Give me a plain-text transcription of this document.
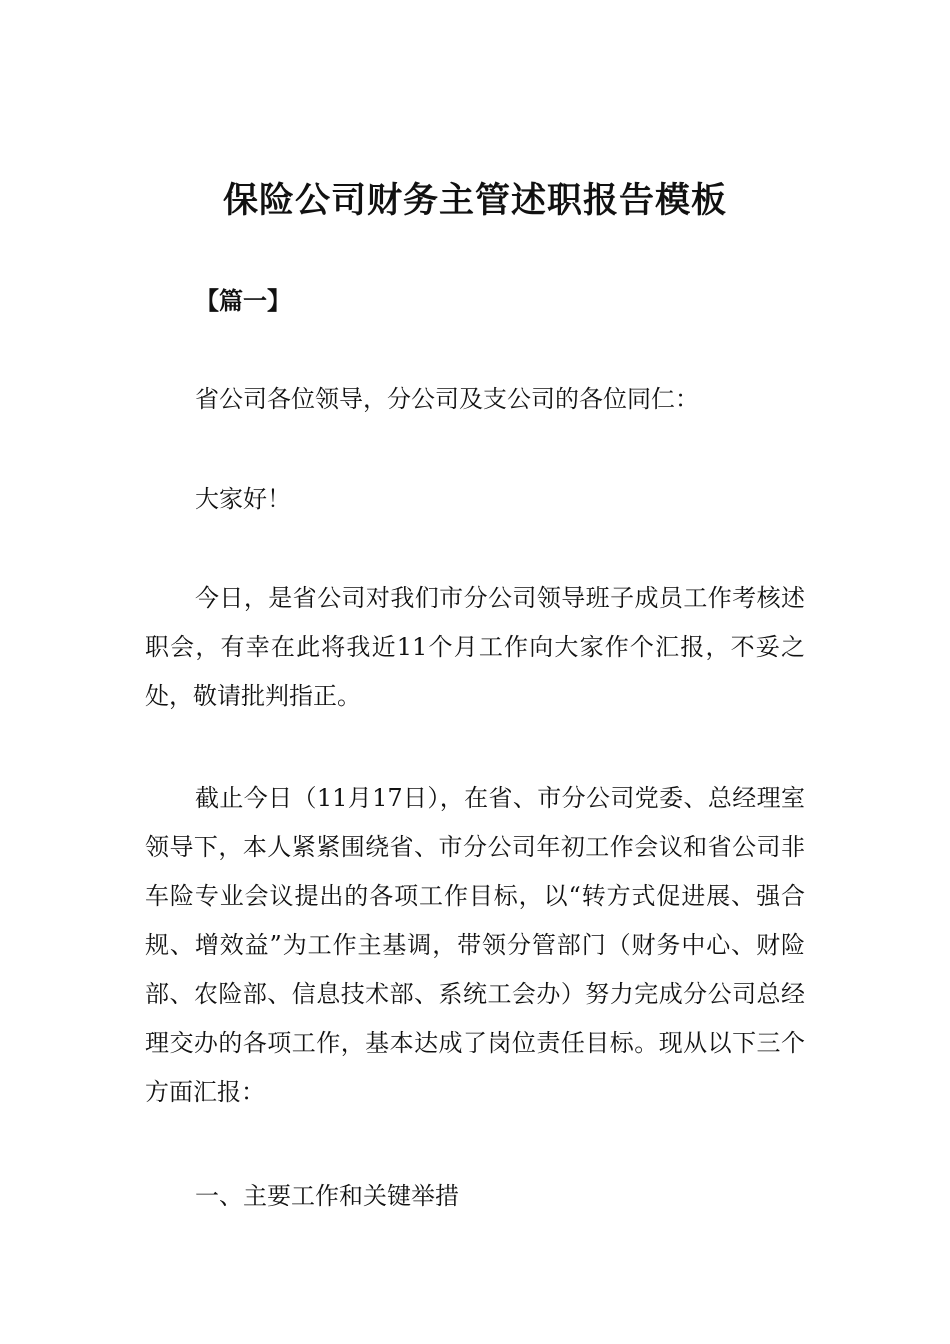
保险公司财务主管述职报告模板
【篇一】

省公司各位领导，分公司及支公司的各位同仁：

大家好！

今日，是省公司对我们市分公司领导班子成员工作考核述职会，有幸在此将我近11个月工作向大家作个汇报，不妥之处，敬请批判指正。

截止今日（11月17日），在省、市分公司党委、总经理室领导下，本人紧紧围绕省、市分公司年初工作会议和省公司非车险专业会议提出的各项工作目标，以“转方式促进展、强合规、增效益”为工作主基调，带领分管部门（财务中心、财险部、农险部、信息技术部、系统工会办）努力完成分公司总经理交办的各项工作，基本达成了岗位责任目标。现从以下三个方面汇报：

一、主要工作和关键举措
